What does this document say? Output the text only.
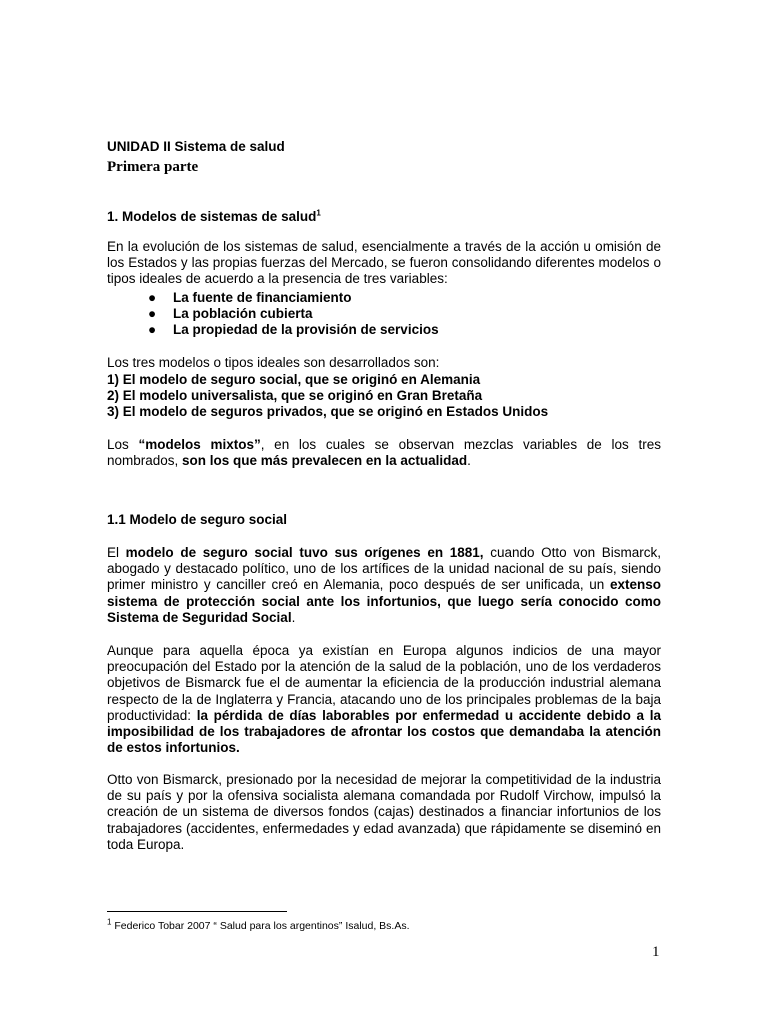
UNIDAD II Sistema de salud
Primera parte
1. Modelos de sistemas de salud$^1$

En la evolución de los sistemas de salud, esencialmente a través de la acción u omisión de los Estados y las propias fuerzas del Mercado, se fueron consolidando diferentes modelos o tipos ideales de acuerdo a la presencia de tres variables:

● La fuente de financiamiento
● La población cubierta
● La propiedad de la provisión de servicios
Los tres modelos o tipos ideales son desarrollados son:
1) El modelo de seguro social, que se originó en Alemania
2) El modelo universalista, que se originó en Gran Bretaña
3) El modelo de seguros privados, que se originó en Estados Unidos

Los “modelos mixtos”, en los cuales se observan mezclas variables de los tres nombrados, son los que más prevalecen en la actualidad.

1.1 Modelo de seguro social

El modelo de seguro social tuvo sus orígenes en 1881, cuando Otto von Bismarck, abogado y destacado político, uno de los artífices de la unidad nacional de su país, siendo primer ministro y canciller creó en Alemania, poco después de ser unificada, un extenso sistema de protección social ante los infortunios, que luego sería conocido como Sistema de Seguridad Social.

Aunque para aquella época ya existían en Europa algunos indicios de una mayor preocupación del Estado por la atención de la salud de la población, uno de los verdaderos objetivos de Bismarck fue el de aumentar la eficiencia de la producción industrial alemana respecto de la de Inglaterra y Francia, atacando uno de los principales problemas de la baja productividad: la pérdida de días laborables por enfermedad u accidente debido a la imposibilidad de los trabajadores de afrontar los costos que demandaba la atención de estos infortunios.

Otto von Bismarck, presionado por la necesidad de mejorar la competitividad de la industria de su país y por la ofensiva socialista alemana comandada por Rudolf Virchow, impulsó la creación de un sistema de diversos fondos (cajas) destinados a financiar infortunios de los trabajadores (accidentes, enfermedades y edad avanzada) que rápidamente se diseminó en toda Europa.

$^1$ Federico Tobar 2007 “ Salud para los argentinos” Isalud, Bs.As.
1
